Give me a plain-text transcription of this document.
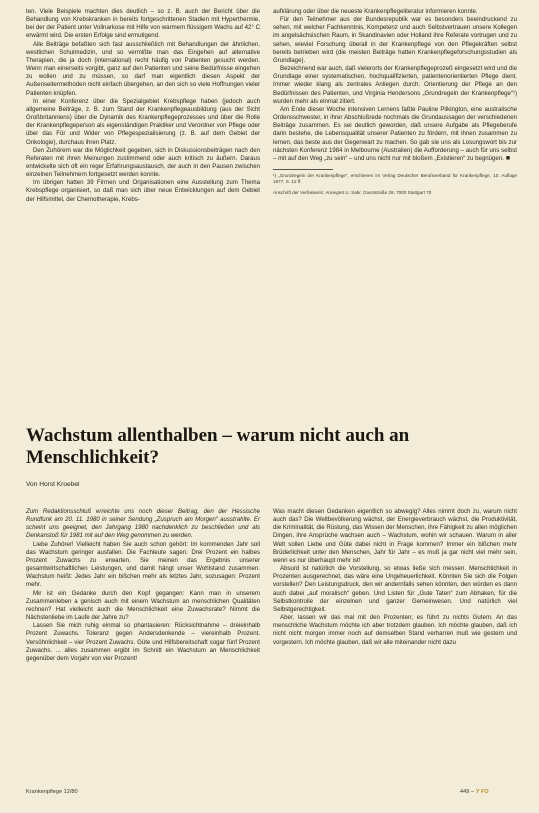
ten. Viele Beispiele machten dies deutlich – so z. B. auch der Bericht über die Behandlung von Krebskranken in bereits fortgeschrittenen Stadien mit Hyperthermie, bei der der Patient unter Vollnarkose mit Hilfe von warmem flüssigem Wachs auf 42° C erwärmt wird. Die ersten Erfolge sind ermutigend.

Alle Beiträge befaßten sich fast ausschließlich mit Behandlungen der ähnlichen, westlichen Schulmedizin, und so vermißte man das Eingehen auf alternative Therapien, die ja doch (international) recht häufig von Patienten gesucht werden. Wenn man einerseits vorgibt, ganz auf den Patienten und seine Bedürfnisse eingehen zu wollen und zu müssen, so darf man eigentlich diesen Aspekt der Außenseitermethoden nicht einfach übergehen, an den sich so viele Hoffnungen vieler Patienten knüpfen.

In einer Konferenz über die Spezialgebiet Krebspflege haben (jedoch auch allgemeine Beiträge, z. B. zum Stand der Krankenpflegeausbildung (aus der Sicht Großbritanniens) über die Dynamik des Krankenpflegeprozesses und über die Rolle der Krankenpflegeperson als eigenständigen Praktiker und Verordner von Pflege oder über das Für und Wider von Pflegespezialisierung (z. B. auf dem Gebiet der Onkologie), durchaus ihren Platz.

Den Zuhörern war die Möglichkeit gegeben, sich in Diskussionsbeiträgen nach den Referaten mit ihren Meinungen zustimmend oder auch kritisch zu äußern. Daraus entwickelte sich oft ein reger Erfahrungsaustausch, der auch in den Pausen zwischen einzelnen Teilnehmern fortgesetzt werden konnte.

Im übrigen hatten 39 Firmen und Organisationen eine Ausstellung zum Thema Krebspflege organisiert, so daß man sich über neue Entwicklungen auf dem Gebiet der Hilfsmittel, der Chemotherapie, Krebs-

aufklärung oder über die neueste Krankenpflegeliteratur informieren konnte.

Für den Teilnehmer aus der Bundesrepublik war es besonders beeindruckend zu sehen, mit welcher Fachkenntnis, Kompetenz und auch Selbstvertrauen unsere Kollegen im angelsächsischen Raum, in Skandinavien oder Holland ihre Referate vortrugen und zu sehen, wieviel Forschung überall in der Krankenpflege von den Pflegekräften selbst bereits betrieben wird (die meisten Beiträge hatten Krankenpflegeforschungsstudien als Grundlage).

Bezeichnend war auch, daß vielerorts der Krankenpflegeprozeß eingesetzt wird und die Grundlage einer systematischen, hochqualifizierten, patientenorientierten Pflege dient. Immer wieder klang als zentrales Anliegen durch: Orientierung der Pflege an den Bedürfnissen des Patienten, und Virginia Hendersons „Grundregeln der Krankenpflege“¹) wurden mehr als einmal zitiert.

Am Ende dieser Woche intensiven Lernens faßte Pauline Pilkington, eine australische Ordensschwester, in ihrer Abschlußrede nochmals die Grundaussagen der verschiedenen Beiträge zusammen. Es sei deutlich geworden, daß unsere Aufgabe als Pflegeberufe darin bestehe, die Lebensqualität unserer Patienten zu fördern, mit ihnen zusammen zu lernen, das beste aus der Gegenwart zu machen. So gab sie uns als Losungswort bis zur nächsten Konferenz 1984 in Melbourne (Australien) die Aufforderung – auch für uns selbst – mit auf den Weg „zu sein“ – und uns nicht nur mit bloßem „Existieren“ zu begnügen. ■

¹) „Grundregeln der Krankenpflege“, erschienen im Verlag Deutscher Berufsverband für Krankenpflege, 10. Auflage 1977, S. 12 ff.
Anschrift der Verfasserin: Annegret U. Sahr, Goezstraße 28, 7000 Stuttgart 70
Wachstum allenthalben – warum nicht auch an Menschlichkeit?
Von Horst Kroebel

Zum Redaktionsschluß erreichte uns noch dieser Beitrag, den der Hessische Rundfunk am 20. 11. 1980 in seiner Sendung „Zuspruch am Morgen“ ausstrahlte. Er scheint uns geeignet, den Jahrgang 1980 nachdenklich zu beschließen und als Denkanstoß für 1981 mit auf den Weg genommen zu werden.

Liebe Zuhörer! Vielleicht haben Sie auch schon gehört: Im kommenden Jahr soll das Wachstum geringer ausfallen. Die Fachleute sagen: Drei Prozent ein halbes Prozent Zuwachs zu erwarten. Sie meinen das Ergebnis unserer gesamtwirtschaftlichen Leistungen, und damit hängt unser Wohlstand zusammen. Wachstum heißt: Jedes Jahr ein bißchen mehr als letztes Jahr, sozusagen: Prozent mehr.

Mir ist ein Gedanke durch den Kopf gegangen: Kann man in unserem Zusammenleben a genisch auch mit einem Wachstum an menschlichen Qualitäten rechnen? Hat vielleicht auch die Menschlichkeit eine Zuwachsrate? Nimmt die Nächstenliebe im Laufe der Jahre zu?

Lassen Sie mich ruhig einmal so phantasieren: Rücksichtnahme – dreieinhalb Prozent Zuwachs. Toleranz gegen Andersdenkende – viereinhalb Prozent. Versöhnlichkeit – vier Prozent Zuwachs. Güte und Hilfsbereitschaft sogar fünf Prozent Zuwachs. ... alles zusammen ergibt im Schnitt ein Wachstum an Menschlichkeit gegenüber dem Vorjahr von vier Prozent!

Was macht diesen Gedanken eigentlich so abwegig? Alles nimmt doch zu, warum nicht auch das? Die Weltbevölkerung wächst, der Energieverbrauch wächst, die Produktivität, die Kriminalität, die Rüstung, das Wissen der Menschen, ihre Fähigkeit zu allen möglichen Dingen, ihre Ansprüche wachsen auch – Wachstum, wohin wir schauen. Warum in aller Welt sollen Liebe und Güte dabei nicht in Frage kommen? Immer ein bißchen mehr Brüderlichkeit unter den Menschen, Jahr für Jahr – es muß ja gar nicht viel mehr sein, wenn es nur überhaupt mehr ist!

Absurd ist natürlich die Vorstellung, so etwas ließe sich messen. Menschlichkeit in Prozenten ausgerechnet, das wäre eine Ungeheuerlichkeit. Könnten Sie sich die Folgen vorstellen? Den Leistungsdruck, den wir andernfalls sehen könnten, den würden es dann auch dabei „auf moralisch“ geben. Und Listen für „Gute Taten“ zum Abhaken, für die Selbstkontrolle der einzelnen und ganzer Gemeinwesen. Und natürlich viel Selbstgerechtigkeit.

Aber, lassen wir das mal mit den Prozenten; es führt zu nichts Gutem. An das menschliche Wachstum möchte ich aber trotzdem glauben. Ich möchte glauben, daß ich nicht nicht morgen immer noch auf demselben Stand verharren muß wie gestern und vorgestern. Ich möchte glauben, daß wir alle miteinander nicht dazu

Krankenpflege 12/80	449 – Y FO
